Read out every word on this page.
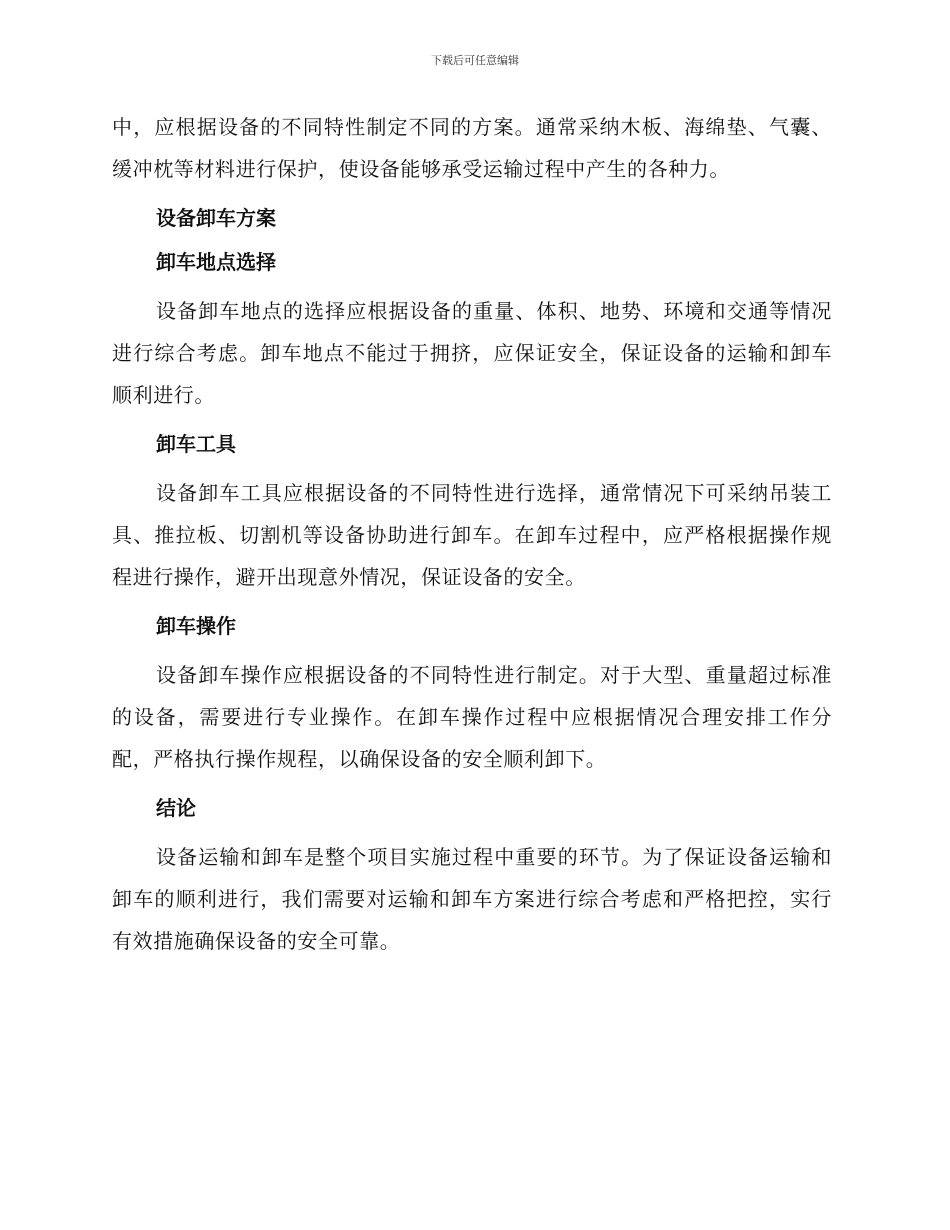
下载后可任意编辑

中，应根据设备的不同特性制定不同的方案。通常采纳木板、海绵垫、气囊、缓冲枕等材料进行保护，使设备能够承受运输过程中产生的各种力。

设备卸车方案
卸车地点选择

设备卸车地点的选择应根据设备的重量、体积、地势、环境和交通等情况进行综合考虑。卸车地点不能过于拥挤，应保证安全，保证设备的运输和卸车顺利进行。

卸车工具

设备卸车工具应根据设备的不同特性进行选择，通常情况下可采纳吊装工具、推拉板、切割机等设备协助进行卸车。在卸车过程中，应严格根据操作规程进行操作，避开出现意外情况，保证设备的安全。

卸车操作

设备卸车操作应根据设备的不同特性进行制定。对于大型、重量超过标准的设备，需要进行专业操作。在卸车操作过程中应根据情况合理安排工作分配，严格执行操作规程，以确保设备的安全顺利卸下。

结论

设备运输和卸车是整个项目实施过程中重要的环节。为了保证设备运输和卸车的顺利进行，我们需要对运输和卸车方案进行综合考虑和严格把控，实行有效措施确保设备的安全可靠。
